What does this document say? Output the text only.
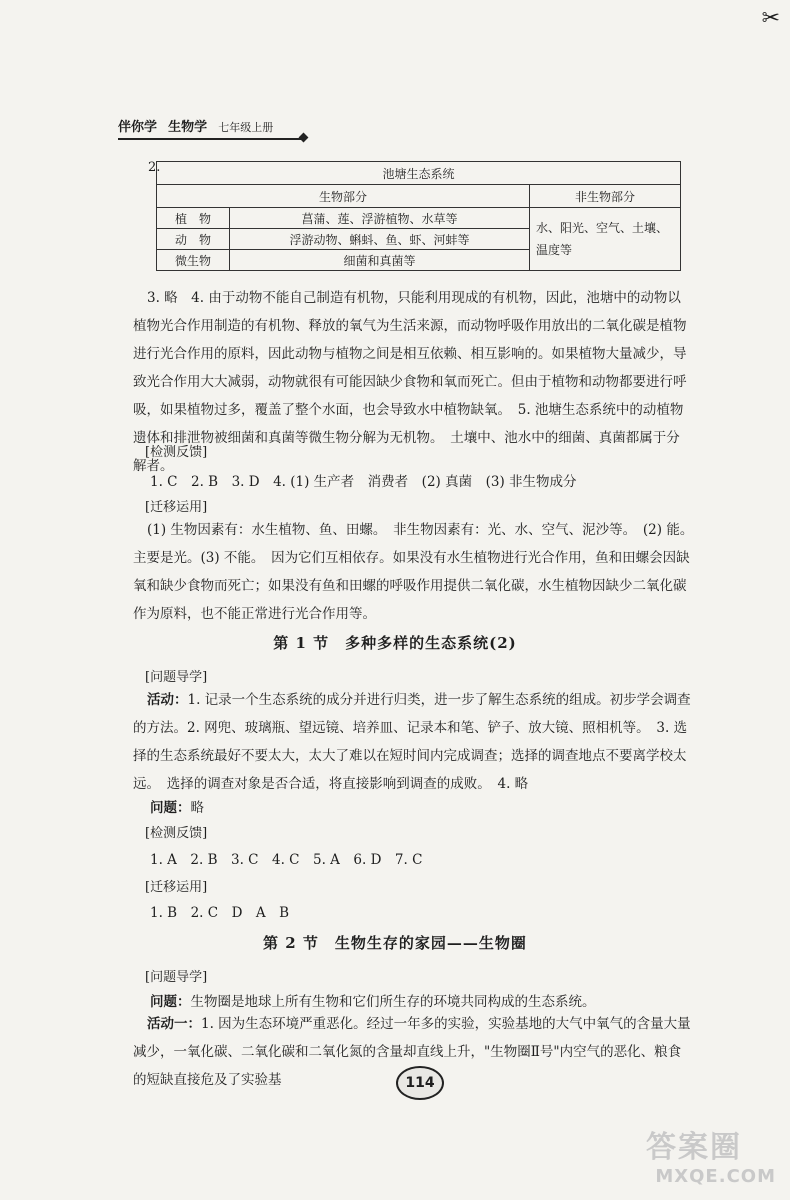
✂
伴你学 生物学 七年级上册
2.	池塘生态系统		
生物部分		非生物部分
植　物	菖蒲、莲、浮游植物、水草等	水、阳光、空气、土壤、温度等
动　物	浮游动物、蝌蚪、鱼、虾、河蚌等	
微生物	细菌和真菌等	

3. 略　4. 由于动物不能自己制造有机物，只能利用现成的有机物，因此，池塘中的动物以植物光合作用制造的有机物、释放的氧气为生活来源，而动物呼吸作用放出的二氧化碳是植物进行光合作用的原料，因此动物与植物之间是相互依赖、相互影响的。如果植物大量减少，导致光合作用大大减弱，动物就很有可能因缺少食物和氧而死亡。但由于植物和动物都要进行呼吸，如果植物过多，覆盖了整个水面，也会导致水中植物缺氧。　5. 池塘生态系统中的动植物遗体和排泄物被细菌和真菌等微生物分解为无机物。　土壤中、池水中的细菌、真菌都属于分解者。

[检测反馈]
1. C　2. B　3. D　4. (1) 生产者　消费者　(2) 真菌　(3) 非生物成分
[迁移运用]

(1) 生物因素有：水生植物、鱼、田螺。　非生物因素有：光、水、空气、泥沙等。　(2) 能。　主要是光。(3) 不能。　因为它们互相依存。如果没有水生植物进行光合作用，鱼和田螺会因缺氧和缺少食物而死亡；如果没有鱼和田螺的呼吸作用提供二氧化碳，水生植物因缺少二氧化碳作为原料，也不能正常进行光合作用等。

第 1 节　多种多样的生态系统(2)
[问题导学]

活动：1. 记录一个生态系统的成分并进行归类，进一步了解生态系统的组成。初步学会调查的方法。2. 网兜、玻璃瓶、望远镜、培养皿、记录本和笔、铲子、放大镜、照相机等。　3. 选择的生态系统最好不要太大，太大了难以在短时间内完成调查；选择的调查地点不要离学校太远。　选择的调查对象是否合适，将直接影响到调查的成败。　4. 略

问题：略
[检测反馈]
1. A　2. B　3. C　4. C　5. A　6. D　7. C
[迁移运用]
1. B　2. C　D　A　B
第 2 节　生物生存的家园——生物圈
[问题导学]
问题：生物圈是地球上所有生物和它们所生存的环境共同构成的生态系统。

活动一：1. 因为生态环境严重恶化。经过一年多的实验，实验基地的大气中氧气的含量大量减少，一氧化碳、二氧化碳和二氧化氮的含量却直线上升，"生物圈Ⅱ号"内空气的恶化、粮食的短缺直接危及了实验基	114
答案圈
MXQE.COM
